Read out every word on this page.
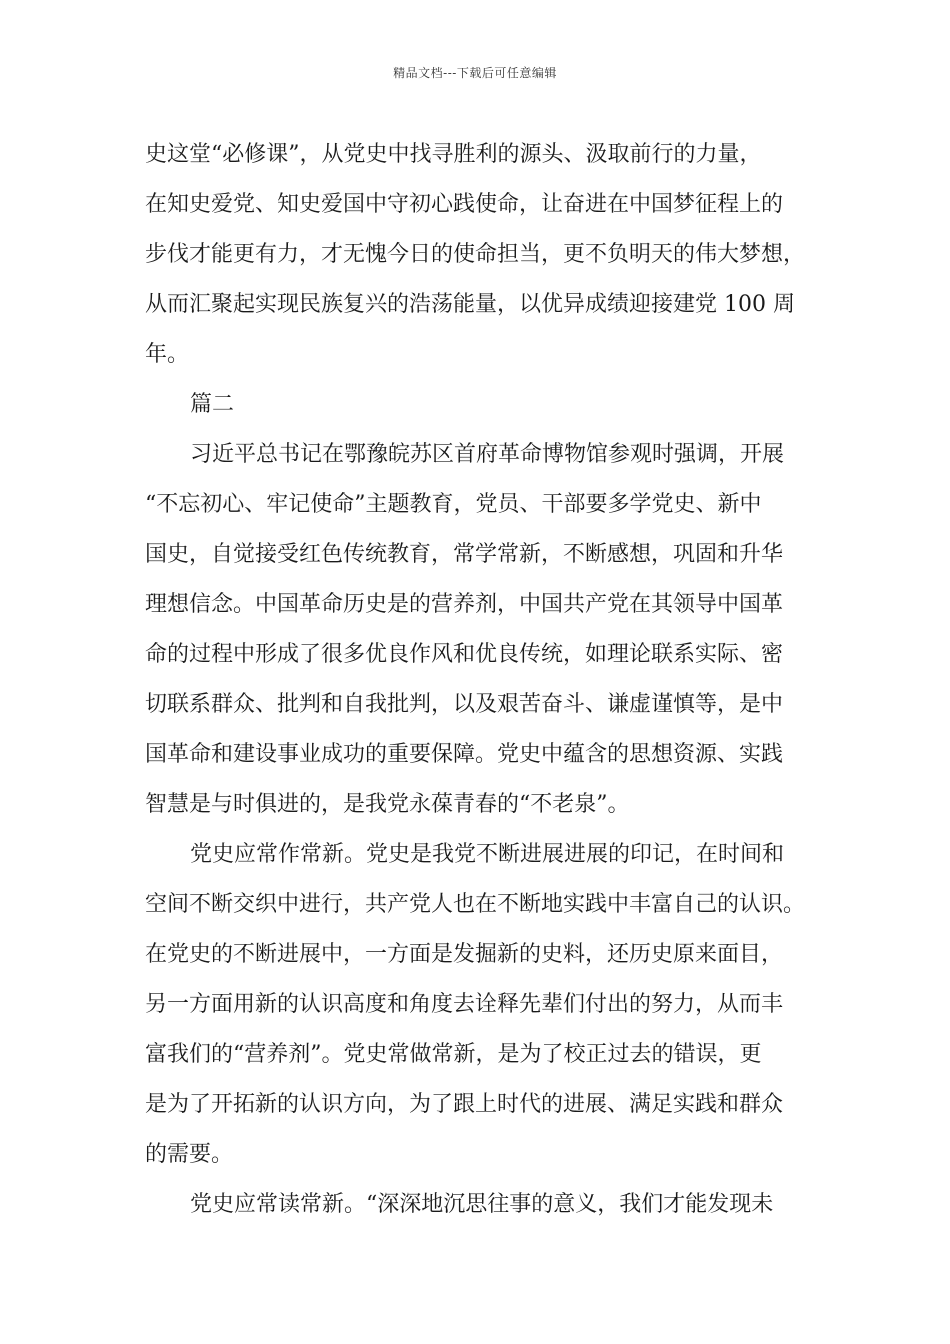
精品文档---下载后可任意编辑
史这堂“必修课”，从党史中找寻胜利的源头、汲取前行的力量，
在知史爱党、知史爱国中守初心践使命，让奋进在中国梦征程上的
步伐才能更有力，才无愧今日的使命担当，更不负明天的伟大梦想，
从而汇聚起实现民族复兴的浩荡能量，以优异成绩迎接建党 100 周
年。
篇二
习近平总书记在鄂豫皖苏区首府革命博物馆参观时强调，开展
“不忘初心、牢记使命”主题教育，党员、干部要多学党史、新中
国史，自觉接受红色传统教育，常学常新，不断感想，巩固和升华
理想信念。中国革命历史是的营养剂，中国共产党在其领导中国革
命的过程中形成了很多优良作风和优良传统，如理论联系实际、密
切联系群众、批判和自我批判，以及艰苦奋斗、谦虚谨慎等，是中
国革命和建设事业成功的重要保障。党史中蕴含的思想资源、实践
智慧是与时俱进的，是我党永葆青春的“不老泉”。
党史应常作常新。党史是我党不断进展进展的印记，在时间和
空间不断交织中进行，共产党人也在不断地实践中丰富自己的认识。
在党史的不断进展中，一方面是发掘新的史料，还历史原来面目，
另一方面用新的认识高度和角度去诠释先辈们付出的努力，从而丰
富我们的“营养剂”。党史常做常新，是为了校正过去的错误，更
是为了开拓新的认识方向，为了跟上时代的进展、满足实践和群众
的需要。
党史应常读常新。“深深地沉思往事的意义，我们才能发现未
